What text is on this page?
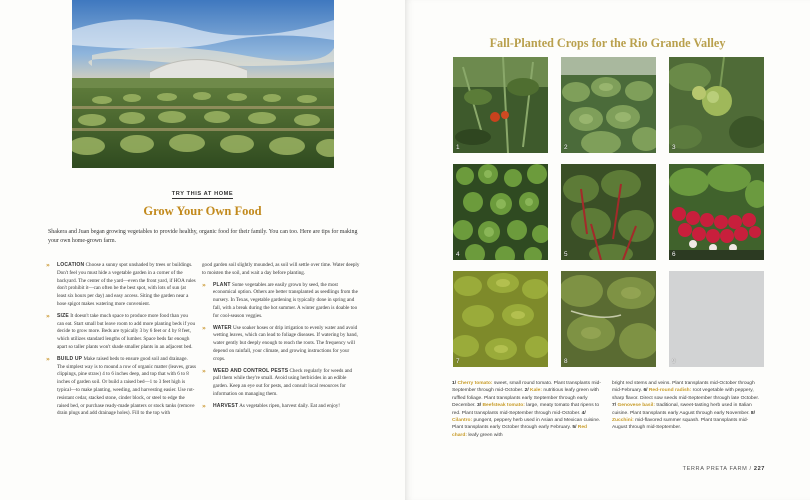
TRY THIS AT HOME
Grow Your Own Food

Shakera and Juan began growing vegetables to provide healthy, organic food for their family. You can too. Here are tips for making your own home-grown farm.

» LOCATION Choose a sunny spot unshaded by trees or buildings. Don't feel you must hide a vegetable garden in a corner of the backyard. The center of the yard—even the front yard, if HOA rules don't prohibit it—can often be the best spot, with lots of sun (at least six hours per day) and easy access. Siting the garden near a hose spigot makes watering more convenient.
» SIZE It doesn't take much space to produce more food than you can eat. Start small but leave room to add more planting beds if you decide to grow more. Beds are typically 3 by 6 feet or 4 by 8 feet, which utilizes standard lengths of lumber. Space beds far enough apart so taller plants won't shade smaller plants in an adjacent bed.
» BUILD UP Make raised beds to ensure good soil and drainage. The simplest way is to mound a row of organic matter (leaves, grass clippings, pine straw) 4 to 6 inches deep, and top that with 6 to 8 inches of garden soil. Or build a raised bed—1 to 3 feet high is typical—to make planting, weeding, and harvesting easier. Use rot-resistant cedar, stacked stone, cinder block, or steel to edge the raised bed, or purchase ready-made planters or stock tanks (remove drain plugs and add drainage holes). Fill to the top with

good garden soil slightly mounded, as soil will settle over time. Water deeply to moisten the soil, and wait a day before planting.

» PLANT Some vegetables are easily grown by seed, the most economical option. Others are better transplanted as seedlings from the nursery. In Texas, vegetable gardening is typically done in spring and fall, with a break during the hot summer. A winter garden is doable too for cool-season veggies.
» WATER Use soaker hoses or drip irrigation to evenly water and avoid wetting leaves, which can lead to foliage diseases. If watering by hand, water gently but deeply enough to reach the roots. The frequency will depend on rainfall, your climate, and growing instructions for your crops.
» WEED AND CONTROL PESTS Check regularly for weeds and pull them while they're small. Avoid using herbicides in an edible garden. Keep an eye out for pests, and consult local resources for information on managing them.
» HARVEST As vegetables ripen, harvest daily. Eat and enjoy!
Fall-Planted Crops for the Rio Grande Valley
1	2	3
4	5	6
7	8	9
1/ Cherry tomato: sweet, small round tomato. Plant transplants mid-September through mid-October. 2/ Kale: nutritious leafy green with ruffled foliage. Plant transplants early September through early December. 3/ Beefsteak tomato: large, meaty tomato that ripens to red. Plant transplants mid-September through mid-October. 4/ Cilantro: pungent, peppery herb used in Asian and Mexican cuisine. Plant transplants early October through early February. 5/ Red chard: leafy green with
bright red stems and veins. Plant transplants mid-October through mid-February. 6/ Red-round radish: root vegetable with peppery, sharp flavor. Direct sow seeds mid-September through late October. 7/ Genovese basil: traditional, sweet-tasting herb used in Italian cuisine. Plant transplants early August through early November. 8/ Zucchini: mid-flavored summer squash. Plant transplants mid-August through mid-September.
TERRA PRETA FARM / 227
